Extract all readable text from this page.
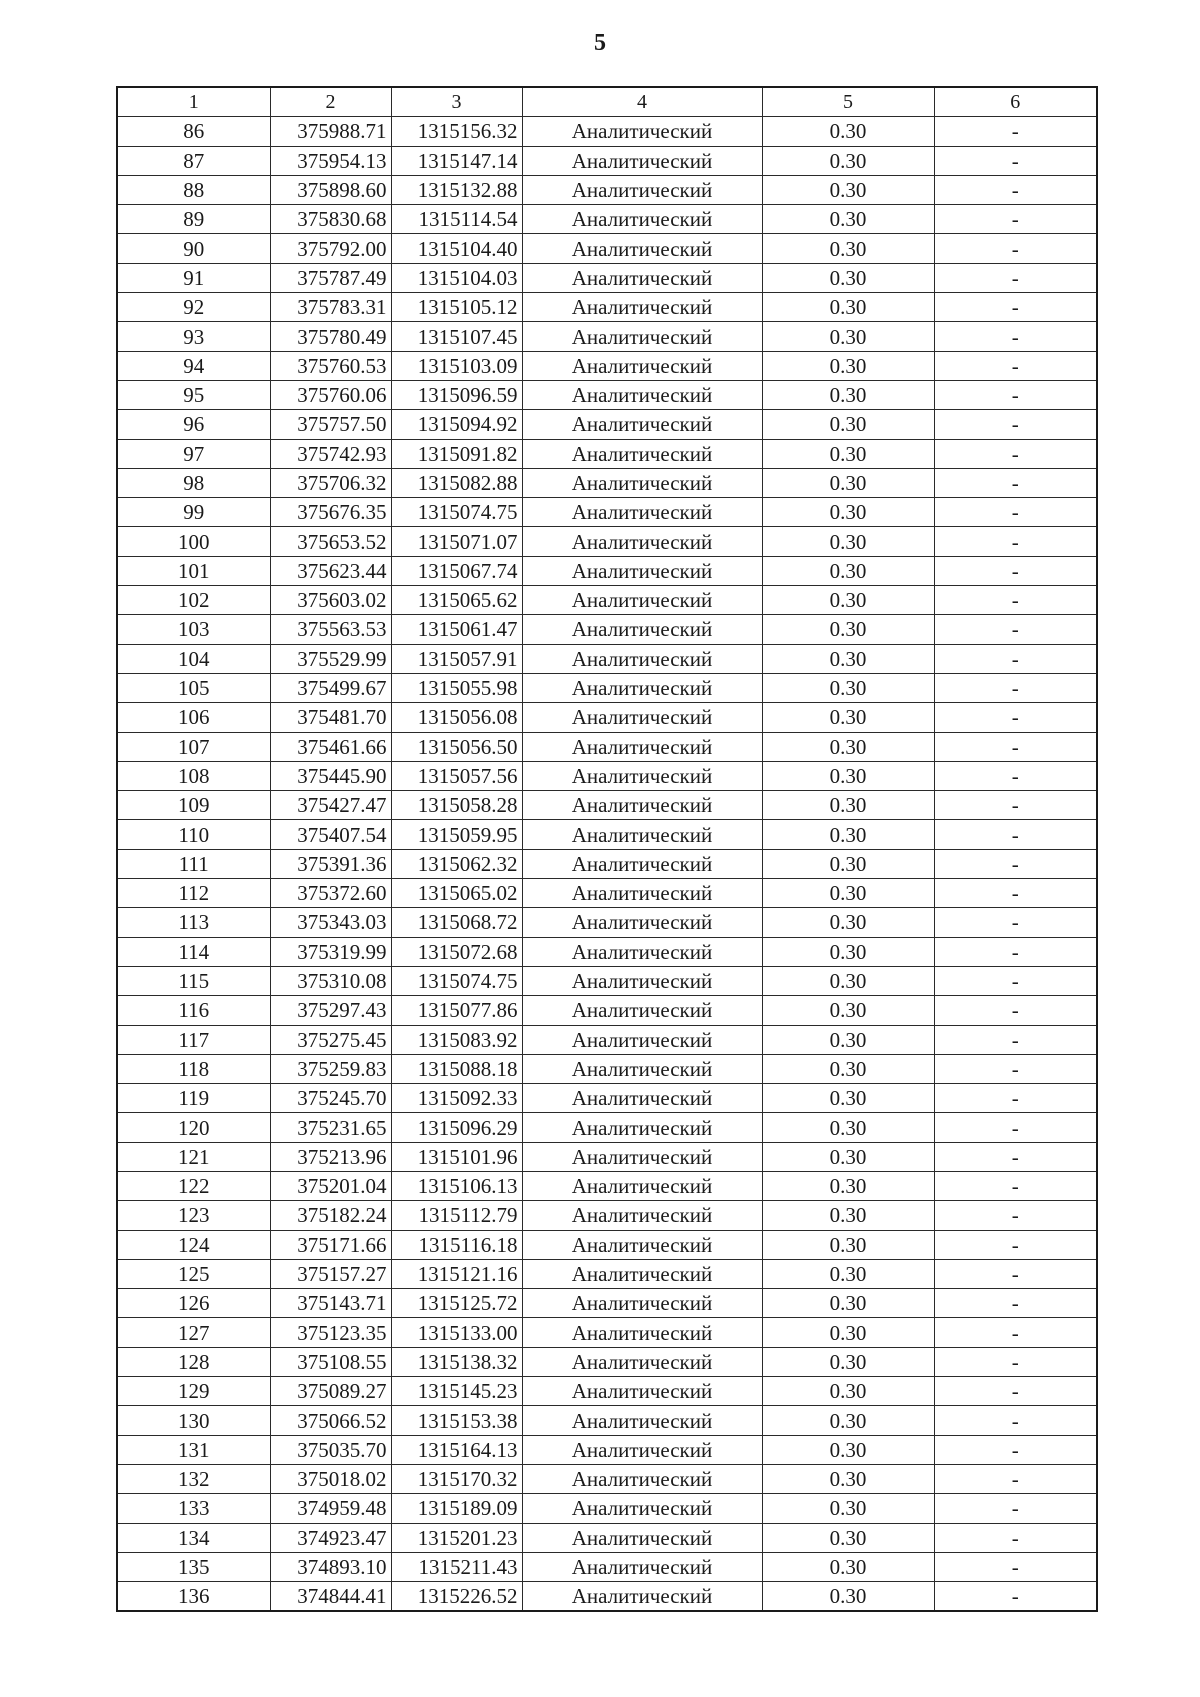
5
1	2	3	4	5	6
86	375988.71	1315156.32	Аналитический	0.30	-
87	375954.13	1315147.14	Аналитический	0.30	-
88	375898.60	1315132.88	Аналитический	0.30	-
89	375830.68	1315114.54	Аналитический	0.30	-
90	375792.00	1315104.40	Аналитический	0.30	-
91	375787.49	1315104.03	Аналитический	0.30	-
92	375783.31	1315105.12	Аналитический	0.30	-
93	375780.49	1315107.45	Аналитический	0.30	-
94	375760.53	1315103.09	Аналитический	0.30	-
95	375760.06	1315096.59	Аналитический	0.30	-
96	375757.50	1315094.92	Аналитический	0.30	-
97	375742.93	1315091.82	Аналитический	0.30	-
98	375706.32	1315082.88	Аналитический	0.30	-
99	375676.35	1315074.75	Аналитический	0.30	-
100	375653.52	1315071.07	Аналитический	0.30	-
101	375623.44	1315067.74	Аналитический	0.30	-
102	375603.02	1315065.62	Аналитический	0.30	-
103	375563.53	1315061.47	Аналитический	0.30	-
104	375529.99	1315057.91	Аналитический	0.30	-
105	375499.67	1315055.98	Аналитический	0.30	-
106	375481.70	1315056.08	Аналитический	0.30	-
107	375461.66	1315056.50	Аналитический	0.30	-
108	375445.90	1315057.56	Аналитический	0.30	-
109	375427.47	1315058.28	Аналитический	0.30	-
110	375407.54	1315059.95	Аналитический	0.30	-
111	375391.36	1315062.32	Аналитический	0.30	-
112	375372.60	1315065.02	Аналитический	0.30	-
113	375343.03	1315068.72	Аналитический	0.30	-
114	375319.99	1315072.68	Аналитический	0.30	-
115	375310.08	1315074.75	Аналитический	0.30	-
116	375297.43	1315077.86	Аналитический	0.30	-
117	375275.45	1315083.92	Аналитический	0.30	-
118	375259.83	1315088.18	Аналитический	0.30	-
119	375245.70	1315092.33	Аналитический	0.30	-
120	375231.65	1315096.29	Аналитический	0.30	-
121	375213.96	1315101.96	Аналитический	0.30	-
122	375201.04	1315106.13	Аналитический	0.30	-
123	375182.24	1315112.79	Аналитический	0.30	-
124	375171.66	1315116.18	Аналитический	0.30	-
125	375157.27	1315121.16	Аналитический	0.30	-
126	375143.71	1315125.72	Аналитический	0.30	-
127	375123.35	1315133.00	Аналитический	0.30	-
128	375108.55	1315138.32	Аналитический	0.30	-
129	375089.27	1315145.23	Аналитический	0.30	-
130	375066.52	1315153.38	Аналитический	0.30	-
131	375035.70	1315164.13	Аналитический	0.30	-
132	375018.02	1315170.32	Аналитический	0.30	-
133	374959.48	1315189.09	Аналитический	0.30	-
134	374923.47	1315201.23	Аналитический	0.30	-
135	374893.10	1315211.43	Аналитический	0.30	-
136	374844.41	1315226.52	Аналитический	0.30	-
